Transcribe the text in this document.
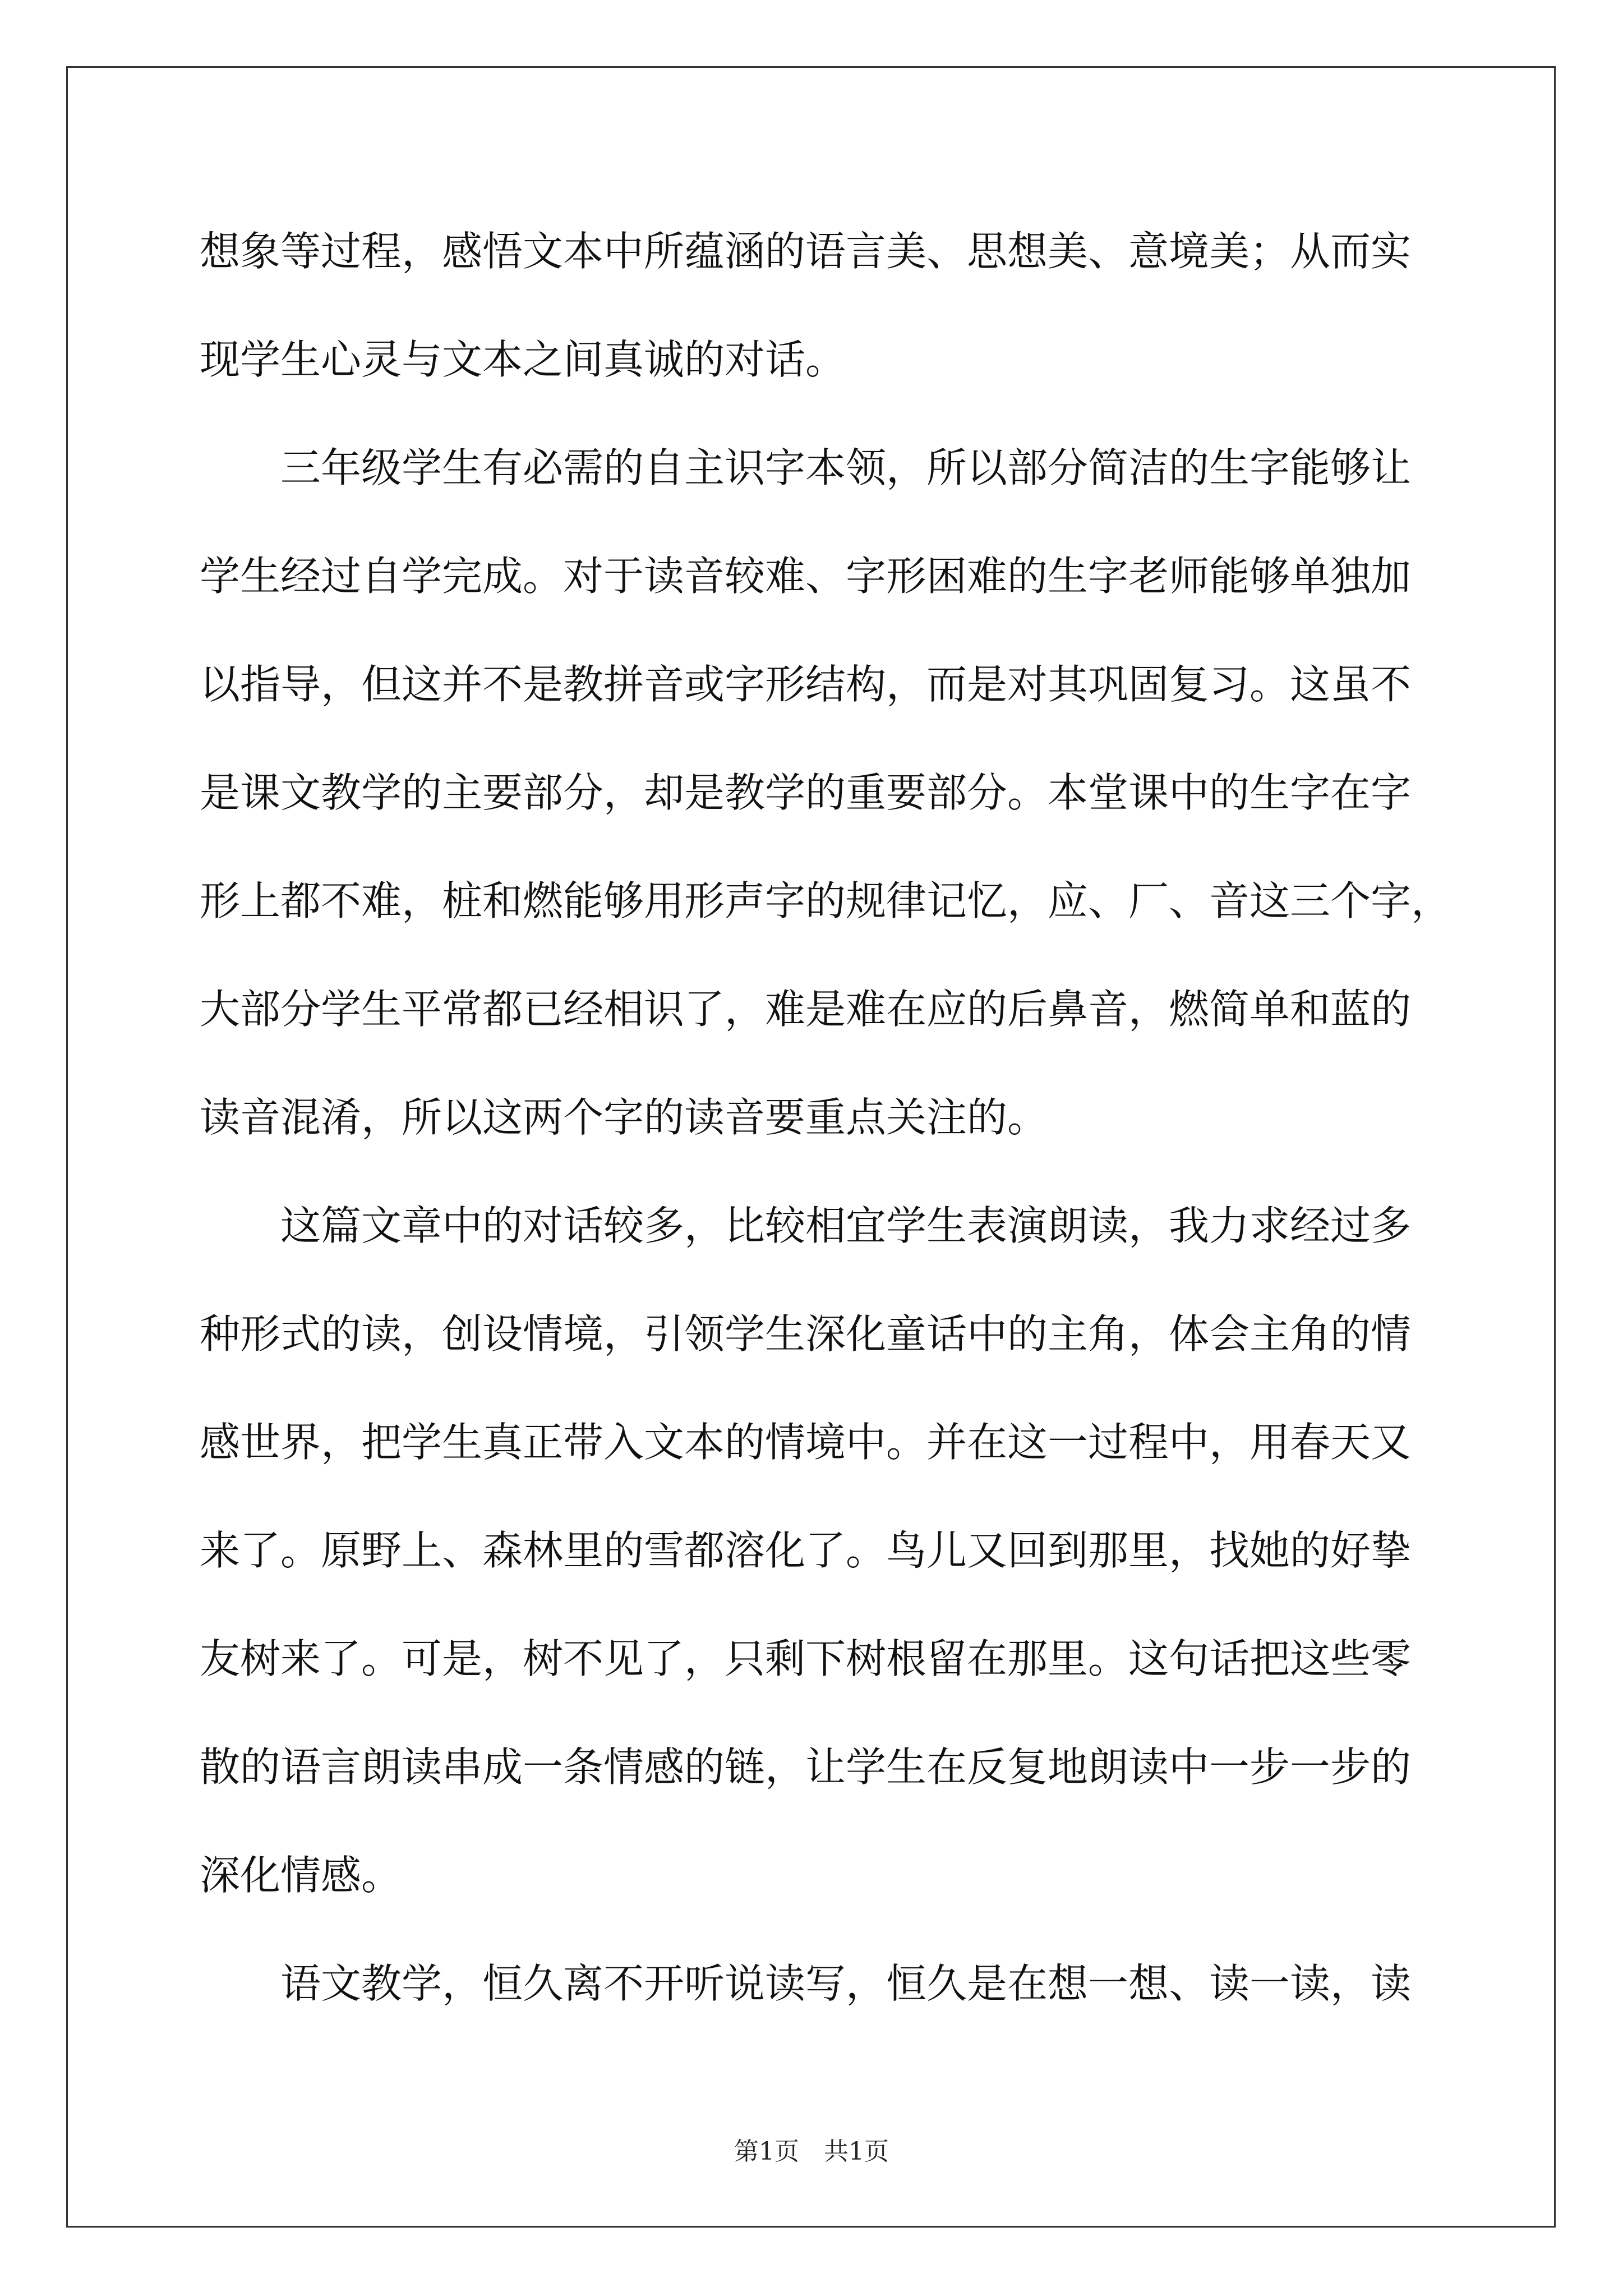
想象等过程，感悟文本中所蕴涵的语言美、思想美、意境美；从而实
现学生心灵与文本之间真诚的对话。
　　三年级学生有必需的自主识字本领，所以部分简洁的生字能够让
学生经过自学完成。对于读音较难、字形困难的生字老师能够单独加
以指导，但这并不是教拼音或字形结构，而是对其巩固复习。这虽不
是课文教学的主要部分，却是教学的重要部分。本堂课中的生字在字
形上都不难，桩和燃能够用形声字的规律记忆，应、厂、音这三个字，
大部分学生平常都已经相识了，难是难在应的后鼻音，燃简单和蓝的
读音混淆，所以这两个字的读音要重点关注的。
　　这篇文章中的对话较多，比较相宜学生表演朗读，我力求经过多
种形式的读，创设情境，引领学生深化童话中的主角，体会主角的情
感世界，把学生真正带入文本的情境中。并在这一过程中，用春天又
来了。原野上、森林里的雪都溶化了。鸟儿又回到那里，找她的好挚
友树来了。可是，树不见了，只剩下树根留在那里。这句话把这些零
散的语言朗读串成一条情感的链，让学生在反复地朗读中一步一步的
深化情感。
　　语文教学，恒久离不开听说读写，恒久是在想一想、读一读，读
第1页　共1页
